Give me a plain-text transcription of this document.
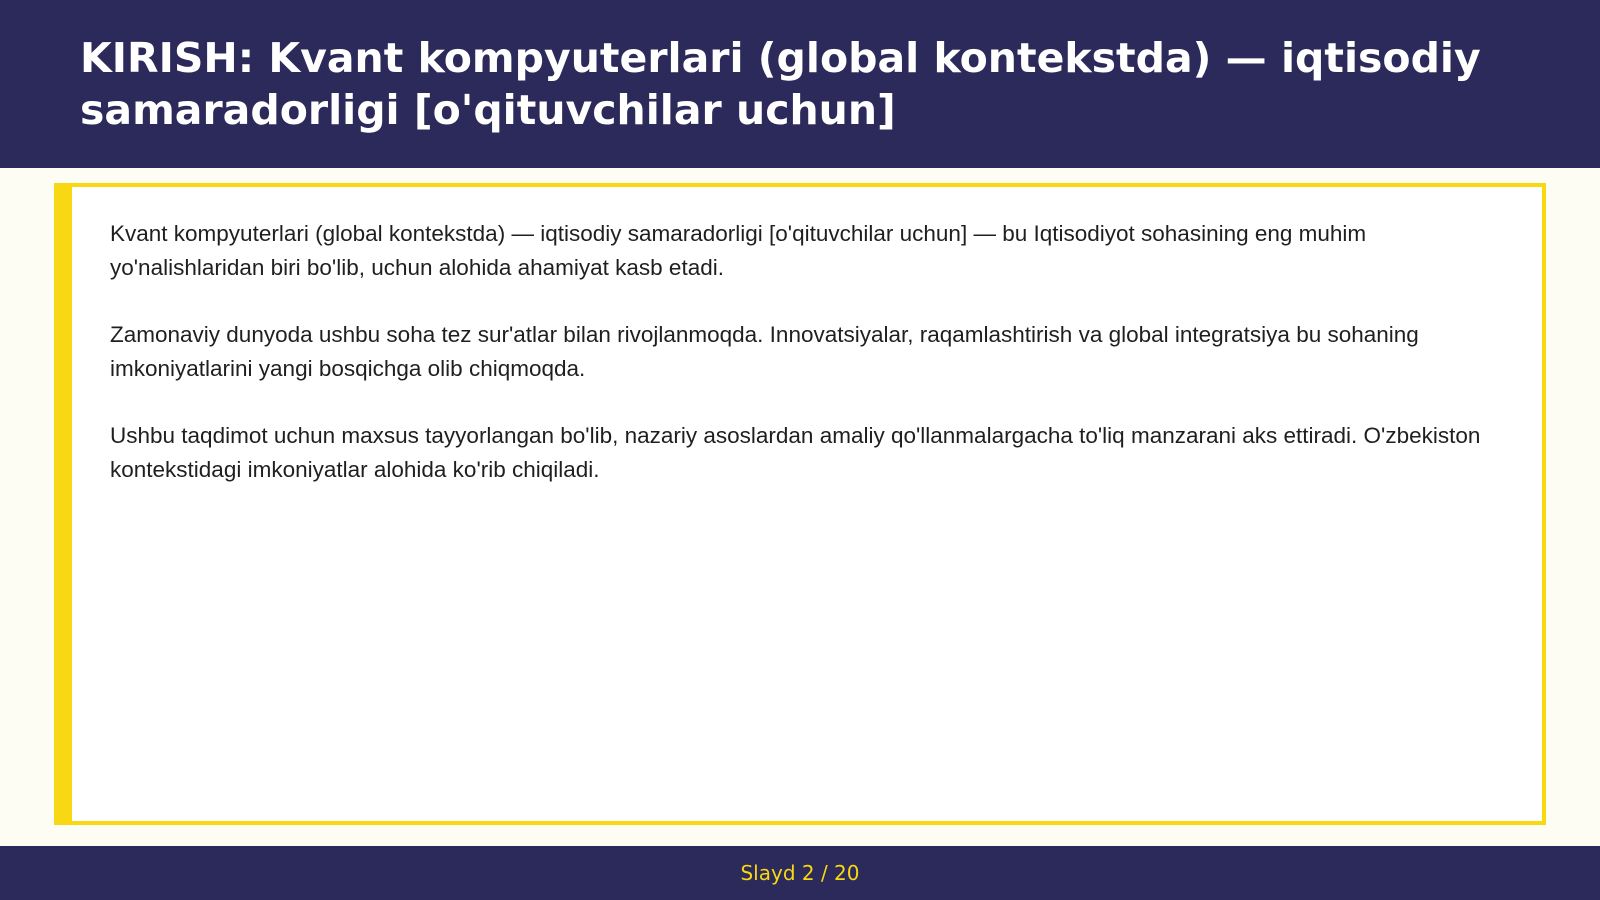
KIRISH: Kvant kompyuterlari (global kontekstda) — iqtisodiy samaradorligi [o'qituvchilar uchun]

Kvant kompyuterlari (global kontekstda) — iqtisodiy samaradorligi [o'qituvchilar uchun] — bu Iqtisodiyot sohasining eng muhim yo'nalishlaridan biri bo'lib, uchun alohida ahamiyat kasb etadi.

Zamonaviy dunyoda ushbu soha tez sur'atlar bilan rivojlanmoqda. Innovatsiyalar, raqamlashtirish va global integratsiya bu sohaning imkoniyatlarini yangi bosqichga olib chiqmoqda.

Ushbu taqdimot uchun maxsus tayyorlangan bo'lib, nazariy asoslardan amaliy qo'llanmalargacha to'liq manzarani aks ettiradi. O'zbekiston kontekstidagi imkoniyatlar alohida ko'rib chiqiladi.

Slayd 2 / 20
